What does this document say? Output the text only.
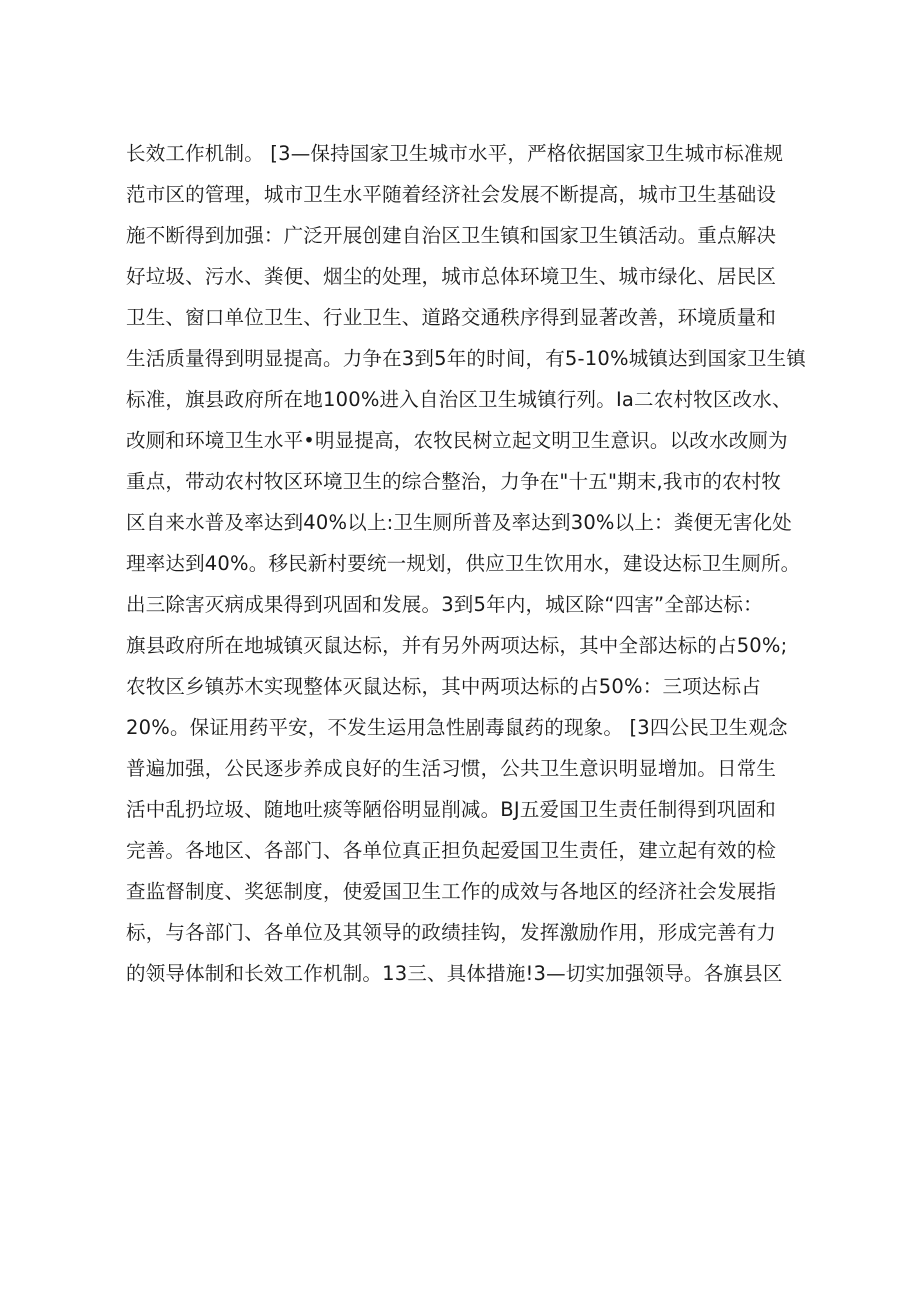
长效工作机制。 [3—保持国家卫生城市水平，严格依据国家卫生城市标准规
范市区的管理，城市卫生水平随着经济社会发展不断提高，城市卫生基础设
施不断得到加强：广泛开展创建自治区卫生镇和国家卫生镇活动。重点解决
好垃圾、污水、粪便、烟尘的处理，城市总体环境卫生、城市绿化、居民区
卫生、窗口单位卫生、行业卫生、道路交通秩序得到显著改善，环境质量和
生活质量得到明显提高。力争在3到5年的时间，有5-10%城镇达到国家卫生镇
标准，旗县政府所在地100%进入自治区卫生城镇行列。Ia二农村牧区改水、
改厕和环境卫生水平•明显提高，农牧民树立起文明卫生意识。以改水改厕为
重点，带动农村牧区环境卫生的综合整治，力争在"十五"期末,我市的农村牧
区自来水普及率达到40%以上:卫生厕所普及率达到30%以上：粪便无害化处
理率达到40%。移民新村要统一规划，供应卫生饮用水，建设达标卫生厕所。
出三除害灭病成果得到巩固和发展。3到5年内，城区除“四害”全部达标：
旗县政府所在地城镇灭鼠达标，并有另外两项达标，其中全部达标的占50%;
农牧区乡镇苏木实现整体灭鼠达标，其中两项达标的占50%：三项达标占
20%。保证用药平安，不发生运用急性剧毒鼠药的现象。 [3四公民卫生观念
普遍加强，公民逐步养成良好的生活习惯，公共卫生意识明显增加。日常生
活中乱扔垃圾、随地吐痰等陋俗明显削减。BJ五爱国卫生责任制得到巩固和
完善。各地区、各部门、各单位真正担负起爱国卫生责任，建立起有效的检
查监督制度、奖惩制度，使爱国卫生工作的成效与各地区的经济社会发展指
标，与各部门、各单位及其领导的政绩挂钩，发挥激励作用，形成完善有力
的领导体制和长效工作机制。13三、具体措施!3—切实加强领导。各旗县区
